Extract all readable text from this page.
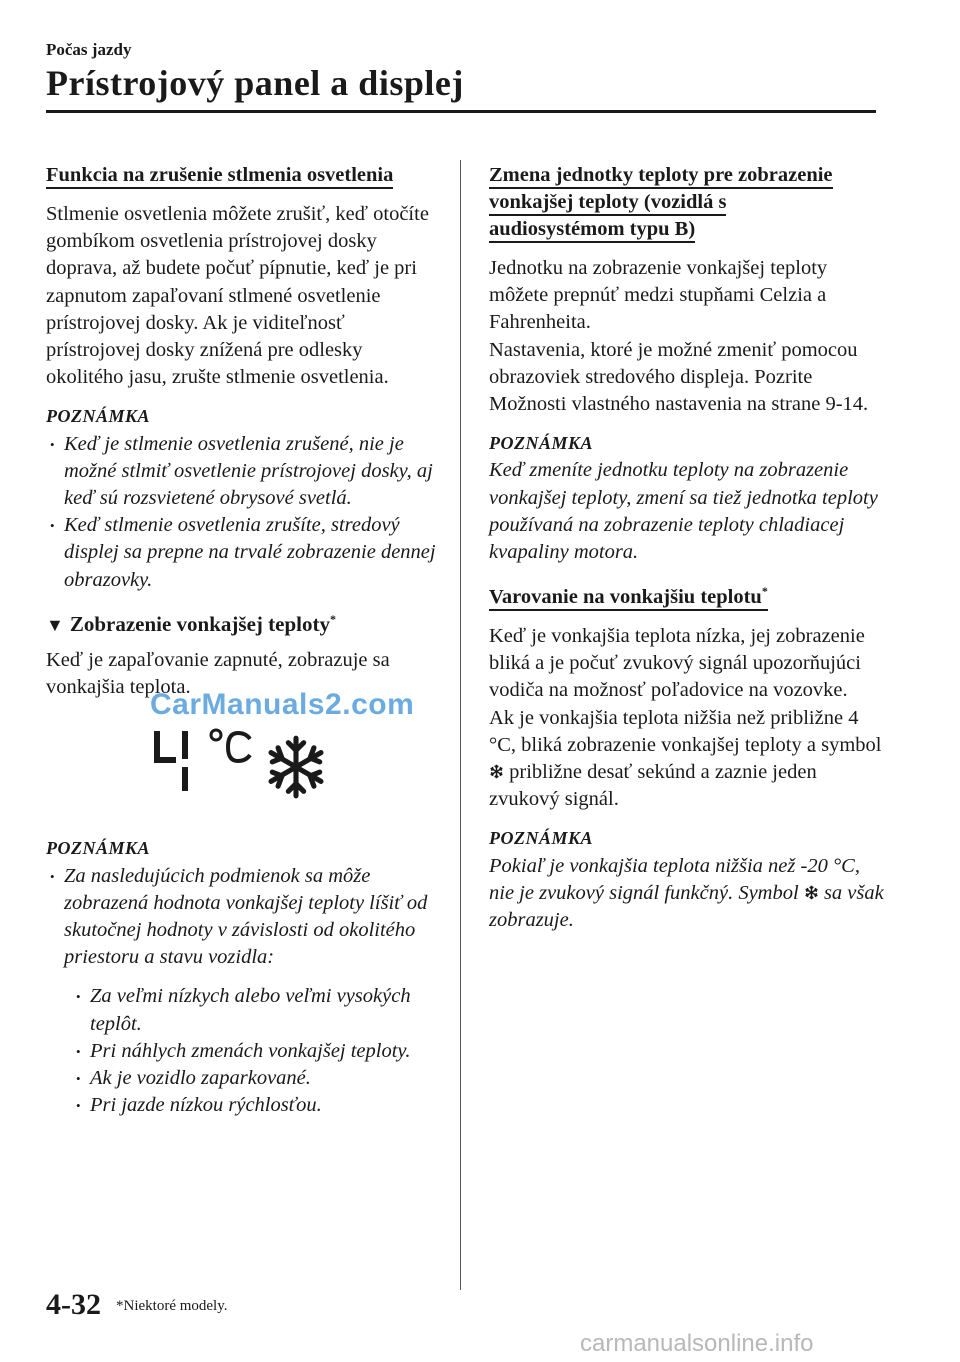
Počas jazdy
Prístrojový panel a displej
Funkcia na zrušenie stlmenia osvetlenia

Stlmenie osvetlenia môžete zrušiť, keď otočíte gombíkom osvetlenia prístrojovej dosky doprava, až budete počuť pípnutie, keď je pri zapnutom zapaľovaní stlmené osvetlenie prístrojovej dosky. Ak je viditeľnosť prístrojovej dosky znížená pre odlesky okolitého jasu, zrušte stlmenie osvetlenia.

POZNÁMKA
• Keď je stlmenie osvetlenia zrušené, nie je možné stlmiť osvetlenie prístrojovej dosky, aj keď sú rozsvietené obrysové svetlá.
• Keď stlmenie osvetlenia zrušíte, stredový displej sa prepne na trvalé zobrazenie dennej obrazovky.
▼ Zobrazenie vonkajšej teploty*

Keď je zapaľovanie zapnuté, zobrazuje sa vonkajšia teplota.

POZNÁMKA
• Za nasledujúcich podmienok sa môže zobrazená hodnota vonkajšej teploty líšiť od skutočnej hodnoty v závislosti od okolitého priestoru a stavu vozidla:
• Za veľmi nízkych alebo veľmi vysokých teplôt.
• Pri náhlych zmenách vonkajšej teploty.
• Ak je vozidlo zaparkované.
• Pri jazde nízkou rýchlosťou.
Zmena jednotky teploty pre zobrazenie
vonkajšej teploty (vozidlá s
audiosystémom typu B)

Jednotku na zobrazenie vonkajšej teploty môžete prepnúť medzi stupňami Celzia a Fahrenheita.

Nastavenia, ktoré je možné zmeniť pomocou obrazoviek stredového displeja. Pozrite Možnosti vlastného nastavenia na strane 9-14.

POZNÁMKA

Keď zmeníte jednotku teploty na zobrazenie vonkajšej teploty, zmení sa tiež jednotka teploty používaná na zobrazenie teploty chladiacej kvapaliny motora.

Varovanie na vonkajšiu teplotu*

Keď je vonkajšia teplota nízka, jej zobrazenie bliká a je počuť zvukový signál upozorňujúci vodiča na možnosť poľadovice na vozovke.

Ak je vonkajšia teplota nižšia než približne 4 °C, bliká zobrazenie vonkajšej teploty a symbol  približne desať sekúnd a zaznie jeden zvukový signál.

POZNÁMKA

Pokiaľ je vonkajšia teplota nižšia než -20 °C, nie je zvukový signál funkčný. Symbol sa však zobrazuje.

4-32 *Niektoré modely.
CarManuals2.com
carmanualsonline.info
